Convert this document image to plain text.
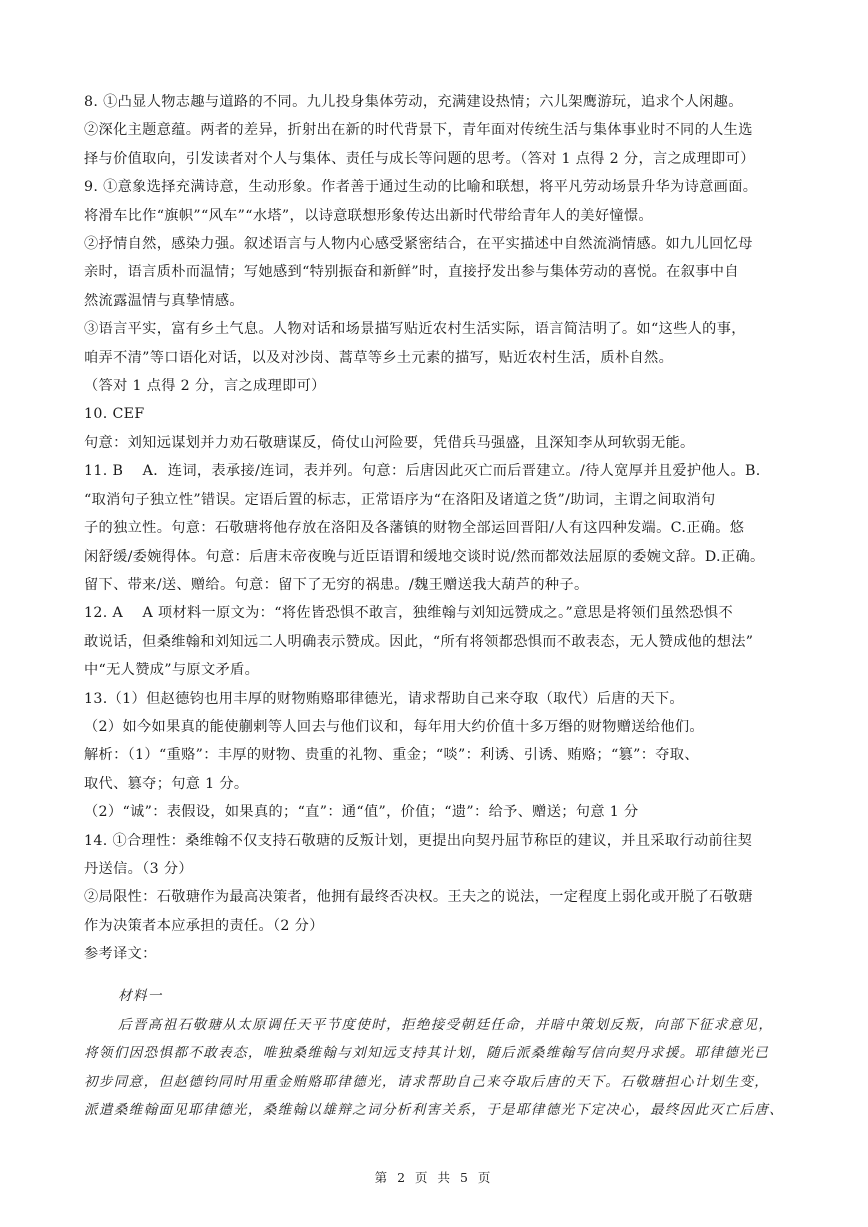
8. ①凸显人物志趣与道路的不同。九儿投身集体劳动，充满建设热情；六儿架鹰游玩，追求个人闲趣。
②深化主题意蕴。两者的差异，折射出在新的时代背景下，青年面对传统生活与集体事业时不同的人生选
择与价值取向，引发读者对个人与集体、责任与成长等问题的思考。（答对 1 点得 2 分，言之成理即可）
9. ①意象选择充满诗意，生动形象。作者善于通过生动的比喻和联想，将平凡劳动场景升华为诗意画面。
将滑车比作“旗帜”“风车”“水塔”，以诗意联想形象传达出新时代带给青年人的美好憧憬。
②抒情自然，感染力强。叙述语言与人物内心感受紧密结合，在平实描述中自然流淌情感。如九儿回忆母
亲时，语言质朴而温情；写她感到“特别振奋和新鲜”时，直接抒发出参与集体劳动的喜悦。在叙事中自
然流露温情与真挚情感。
③语言平实，富有乡土气息。人物对话和场景描写贴近农村生活实际，语言简洁明了。如“这些人的事，
咱弄不清”等口语化对话，以及对沙岗、蒿草等乡土元素的描写，贴近农村生活，质朴自然。
（答对 1 点得 2 分，言之成理即可）
10. CEF
句意：刘知远谋划并力劝石敬瑭谋反，倚仗山河险要，凭借兵马强盛，且深知李从珂软弱无能。
11. B　 A．连词，表承接/连词，表并列。句意：后唐因此灭亡而后晋建立。/待人宽厚并且爱护他人。B.
“取消句子独立性”错误。定语后置的标志，正常语序为“在洛阳及诸道之货”/助词，主谓之间取消句
子的独立性。句意：石敬瑭将他存放在洛阳及各藩镇的财物全部运回晋阳/人有这四种发端。C.正确。悠
闲舒缓/委婉得体。句意：后唐末帝夜晚与近臣语谓和缓地交谈时说/然而都效法屈原的委婉文辞。D.正确。
留下、带来/送、赠给。句意：留下了无穷的祸患。/魏王赠送我大葫芦的种子。
12. A　 A 项材料一原文为：“将佐皆恐惧不敢言，独维翰与刘知远赞成之。”意思是将领们虽然恐惧不
敢说话，但桑维翰和刘知远二人明确表示赞成。因此，“所有将领都恐惧而不敢表态，无人赞成他的想法”
中“无人赞成”与原文矛盾。
13.（1）但赵德钧也用丰厚的财物贿赂耶律德光，请求帮助自己来夺取（取代）后唐的天下。
（2）如今如果真的能使蒯剌等人回去与他们议和，每年用大约价值十多万缗的财物赠送给他们。
解析：（1）“重赂”：丰厚的财物、贵重的礼物、重金；“啖”：利诱、引诱、贿赂；“篡”：夺取、
取代、篡夺；句意 1 分。
（2）“诚”：表假设，如果真的；“直”：通“值”，价值；“遗”：给予、赠送；句意 1 分
14. ①合理性：桑维翰不仅支持石敬瑭的反叛计划，更提出向契丹屈节称臣的建议，并且采取行动前往契
丹送信。（3 分）
②局限性：石敬瑭作为最高决策者，他拥有最终否决权。王夫之的说法，一定程度上弱化或开脱了石敬瑭
作为决策者本应承担的责任。（2 分）
参考译文：
材料一
后晋高祖石敬瑭从太原调任天平节度使时，拒绝接受朝廷任命，并暗中策划反叛，向部下征求意见，
将领们因恐惧都不敢表态，唯独桑维翰与刘知远支持其计划，随后派桑维翰写信向契丹求援。耶律德光已
初步同意，但赵德钧同时用重金贿赂耶律德光，请求帮助自己来夺取后唐的天下。石敬瑭担心计划生变，
派遣桑维翰面见耶律德光，桑维翰以雄辩之词分析利害关系，于是耶律德光下定决心，最终因此灭亡后唐、
第 2 页 共 5 页
